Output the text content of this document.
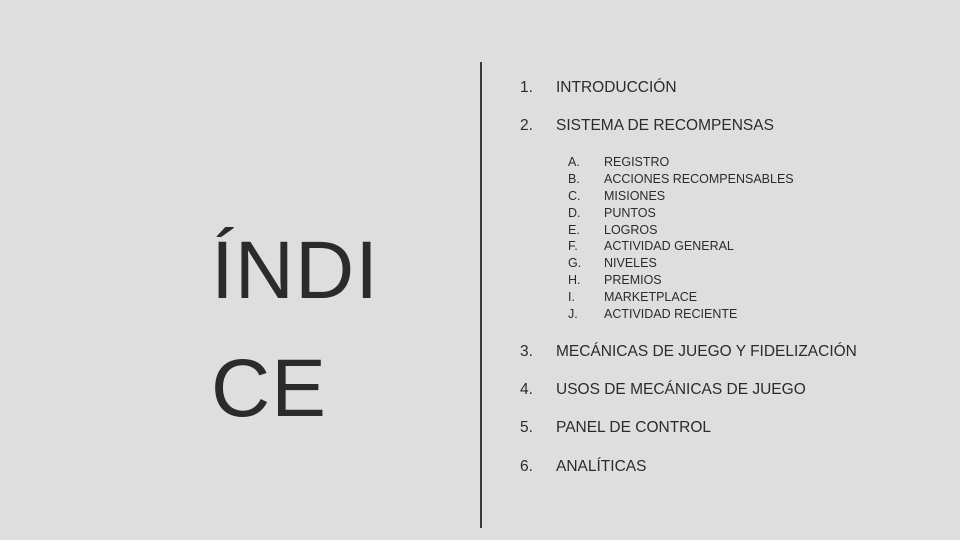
ÍNDI
CE
1.	INTRODUCCIÓN
2.	SISTEMA DE RECOMPENSAS
A.	REGISTRO
B.	ACCIONES RECOMPENSABLES
C.	MISIONES
D.	PUNTOS
E.	LOGROS
F.	ACTIVIDAD GENERAL
G.	NIVELES
H.	PREMIOS
I.	MARKETPLACE
J.	ACTIVIDAD RECIENTE
3.	MECÁNICAS DE JUEGO Y FIDELIZACIÓN
4.	USOS DE MECÁNICAS DE JUEGO
5.	PANEL DE CONTROL
6.	ANALÍTICAS
